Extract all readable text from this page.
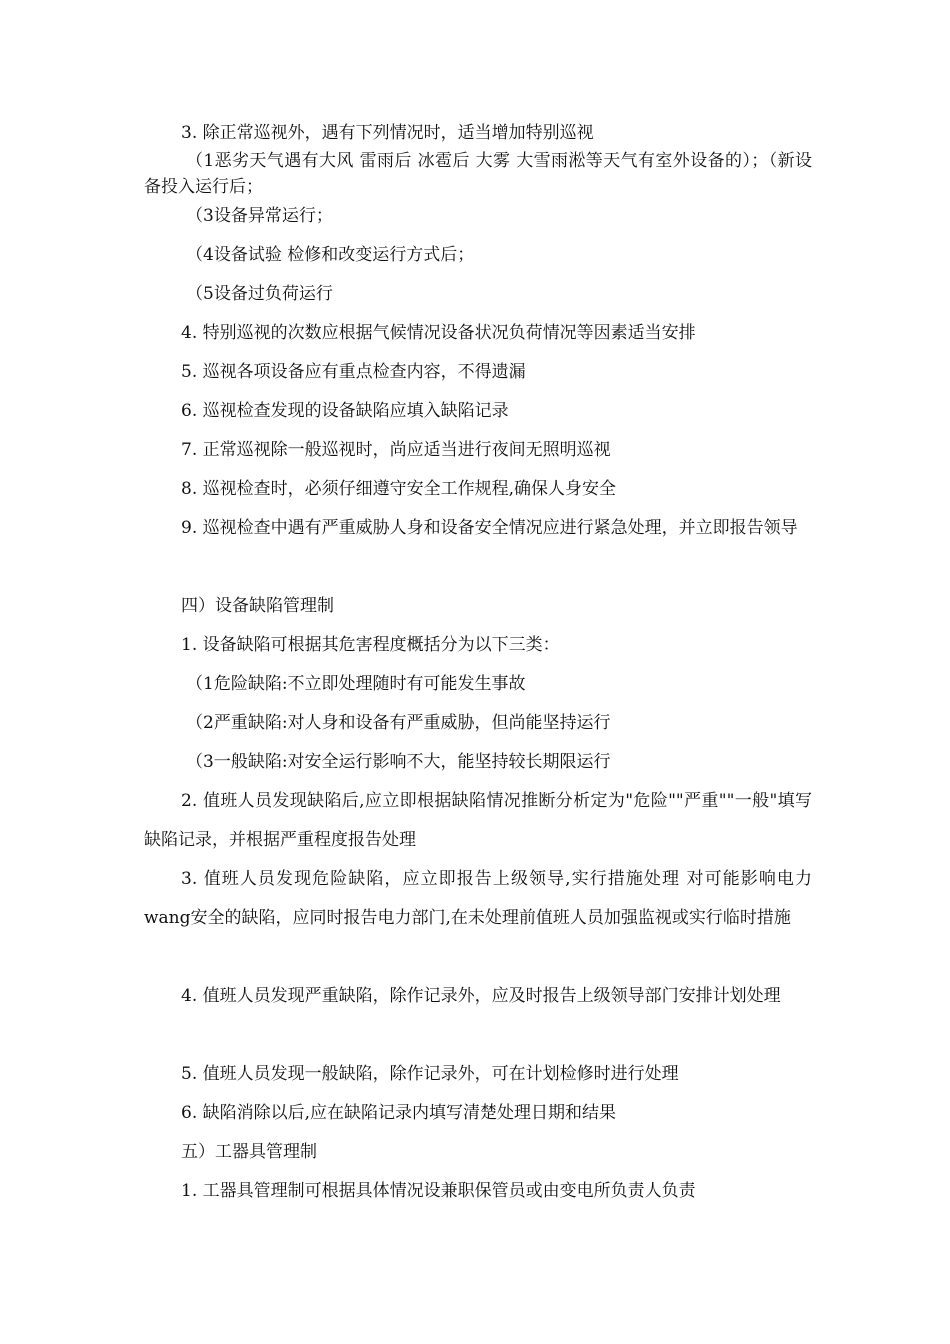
3. 除正常巡视外，遇有下列情况时，适当增加特别巡视

（1恶劣天气遇有大风 雷雨后 冰雹后 大雾 大雪雨淞等天气有室外设备的）；（新设备投入运行后；

（3设备异常运行；

（4设备试验 检修和改变运行方式后；

（5设备过负荷运行

4. 特别巡视的次数应根据气候情况设备状况负荷情况等因素适当安排

5. 巡视各项设备应有重点检查内容，不得遗漏

6. 巡视检查发现的设备缺陷应填入缺陷记录

7. 正常巡视除一般巡视时，尚应适当进行夜间无照明巡视

8. 巡视检查时，必须仔细遵守安全工作规程,确保人身安全

9. 巡视检查中遇有严重威胁人身和设备安全情况应进行紧急处理，并立即报告领导

四）设备缺陷管理制

1. 设备缺陷可根据其危害程度概括分为以下三类：

（1危险缺陷:不立即处理随时有可能发生事故

（2严重缺陷:对人身和设备有严重威胁，但尚能坚持运行

（3一般缺陷:对安全运行影响不大，能坚持较长期限运行

2. 值班人员发现缺陷后,应立即根据缺陷情况推断分析定为"危险""严重""一般"填写缺陷记录，并根据严重程度报告处理

3. 值班人员发现危险缺陷，应立即报告上级领导,实行措施处理 对可能影响电力wang安全的缺陷，应同时报告电力部门,在未处理前值班人员加强监视或实行临时措施

4. 值班人员发现严重缺陷，除作记录外，应及时报告上级领导部门安排计划处理

5. 值班人员发现一般缺陷，除作记录外，可在计划检修时进行处理

6. 缺陷消除以后,应在缺陷记录内填写清楚处理日期和结果

五）工器具管理制

1. 工器具管理制可根据具体情况设兼职保管员或由变电所负责人负责
